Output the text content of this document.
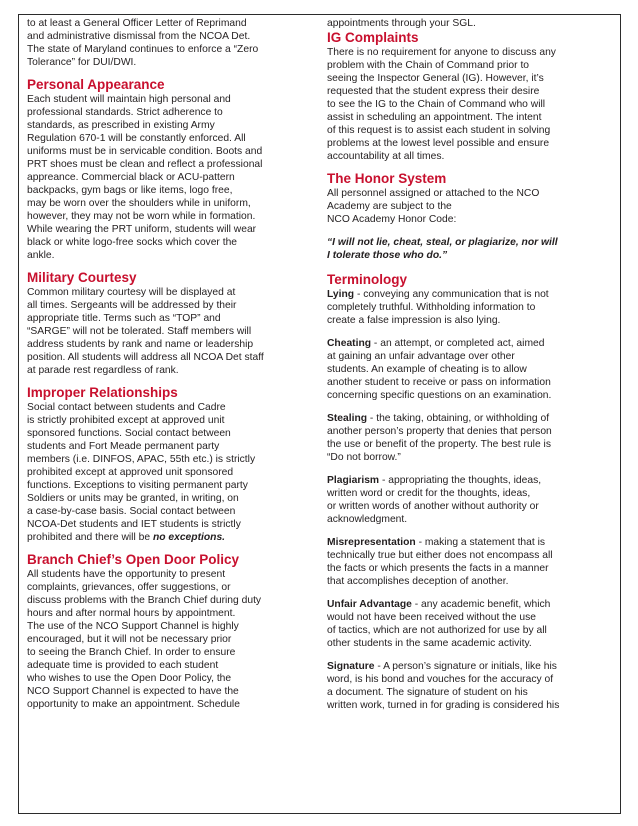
to at least a General Officer Letter of Reprimand
and administrative dismissal from the NCOA Det.
The state of Maryland continues to enforce a “Zero
Tolerance” for DUI/DWI.

Personal Appearance

Each student will maintain high personal and
professional standards. Strict adherence to
standards, as prescribed in existing Army
Regulation 670-1 will be constantly enforced. All
uniforms must be in servicable condition. Boots and
PRT shoes must be clean and reflect a professional
appreance. Commercial black or ACU-pattern
backpacks, gym bags or like items, logo free,
may be worn over the shoulders while in uniform,
however, they may not be worn while in formation.
While wearing the PRT uniform, students will wear
black or white logo-free socks which cover the
ankle.

Military Courtesy

Common military courtesy will be displayed at
all times. Sergeants will be addressed by their
appropriate title. Terms such as “TOP” and
“SARGE” will not be tolerated. Staff members will
address students by rank and name or leadership
position. All students will address all NCOA Det staff
at parade rest regardless of rank.

Improper Relationships

Social contact between students and Cadre
is strictly prohibited except at approved unit
sponsored functions. Social contact between
students and Fort Meade permanent party
members (i.e. DINFOS, APAC, 55th etc.) is strictly
prohibited except at approved unit sponsored
functions. Exceptions to visiting permanent party
Soldiers or units may be granted, in writing, on
a case-by-case basis. Social contact between
NCOA-Det students and IET students is strictly
prohibited and there will be no exceptions.

Branch Chief’s Open Door Policy

All students have the opportunity to present
complaints, grievances, offer suggestions, or
discuss problems with the Branch Chief during duty
hours and after normal hours by appointment.
The use of the NCO Support Channel is highly
encouraged, but it will not be necessary prior
to seeing the Branch Chief. In order to ensure
adequate time is provided to each student
who wishes to use the Open Door Policy, the
NCO Support Channel is expected to have the
opportunity to make an appointment. Schedule

appointments through your SGL.

IG Complaints

There is no requirement for anyone to discuss any
problem with the Chain of Command prior to
seeing the Inspector General (IG). However, it’s
requested that the student express their desire
to see the IG to the Chain of Command who will
assist in scheduling an appointment. The intent
of this request is to assist each student in solving
problems at the lowest level possible and ensure
accountability at all times.

The Honor System

All personnel assigned or attached to the NCO
Academy are subject to the
NCO Academy Honor Code:

“I will not lie, cheat, steal, or plagiarize, nor will
I tolerate those who do.”

Terminology

Lying - conveying any communication that is not
completely truthful. Withholding information to
create a false impression is also lying.

Cheating - an attempt, or completed act, aimed
at gaining an unfair advantage over other
students. An example of cheating is to allow
another student to receive or pass on information
concerning specific questions on an examination.

Stealing - the taking, obtaining, or withholding of
another person’s property that denies that person
the use or benefit of the property. The best rule is
“Do not borrow.”

Plagiarism - appropriating the thoughts, ideas,
written word or credit for the thoughts, ideas,
or written words of another without authority or
acknowledgment.

Misrepresentation - making a statement that is
technically true but either does not encompass all
the facts or which presents the facts in a manner
that accomplishes deception of another.

Unfair Advantage - any academic benefit, which
would not have been received without the use
of tactics, which are not authorized for use by all
other students in the same academic activity.

Signature - A person’s signature or initials, like his
word, is his bond and vouches for the accuracy of
a document. The signature of student on his
written work, turned in for grading is considered his
